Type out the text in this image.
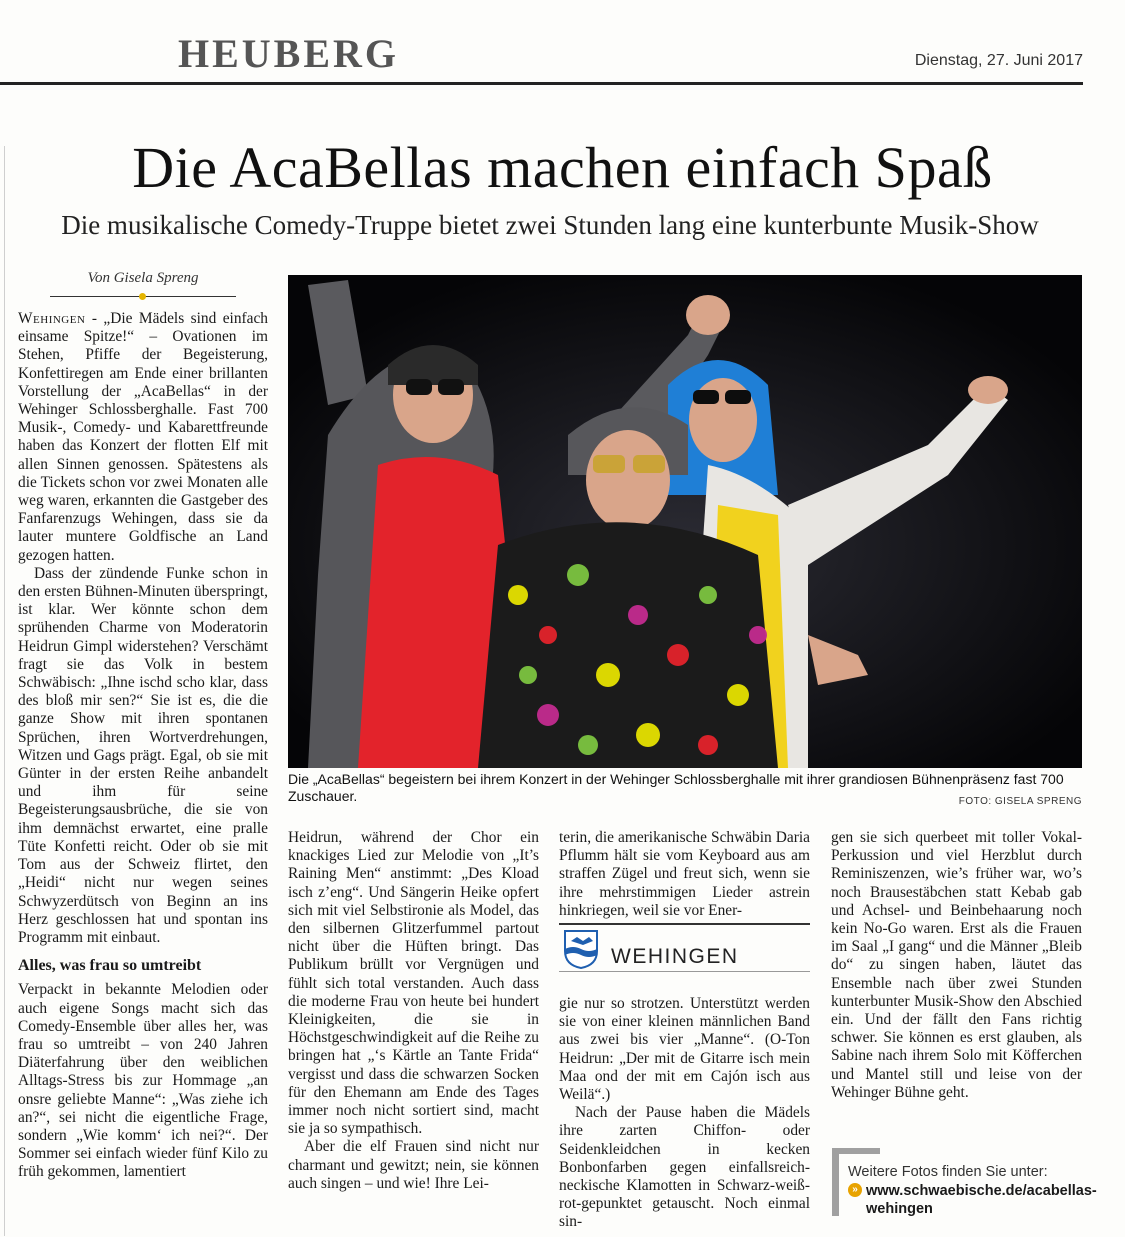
HEUBERG	Dienstag, 27. Juni 2017
Die AcaBellas machen einfach Spaß
Die musikalische Comedy-Truppe bietet zwei Stunden lang eine kunterbunte Musik-Show
Von Gisela Spreng

Wehingen - „Die Mädels sind einfach einsame Spitze!“ – Ovationen im Stehen, Pfiffe der Begeisterung, Konfettiregen am Ende einer brillanten Vorstellung der „AcaBellas“ in der Wehinger Schlossberghalle. Fast 700 Musik-, Comedy- und Kabarettfreunde haben das Konzert der flotten Elf mit allen Sinnen genossen. Spätestens als die Tickets schon vor zwei Monaten alle weg waren, erkannten die Gastgeber des Fanfarenzugs Wehingen, dass sie da lauter muntere Goldfische an Land gezogen hatten.

Dass der zündende Funke schon in den ersten Bühnen-Minuten überspringt, ist klar. Wer könnte schon dem sprühenden Charme von Moderatorin Heidrun Gimpl widerstehen? Verschämt fragt sie das Volk in bestem Schwäbisch: „Ihne ischd scho klar, dass des bloß mir sen?“ Sie ist es, die die ganze Show mit ihren spontanen Sprüchen, ihren Wortverdrehungen, Witzen und Gags prägt. Egal, ob sie mit Günter in der ersten Reihe anbandelt und ihm für seine Begeisterungsausbrüche, die sie von ihm demnächst erwartet, eine pralle Tüte Konfetti reicht. Oder ob sie mit Tom aus der Schweiz flirtet, den „Heidi“ nicht nur wegen seines Schwyzerdütsch von Beginn an ins Herz geschlossen hat und spontan ins Programm mit einbaut.

Alles, was frau so umtreibt

Verpackt in bekannte Melodien oder auch eigene Songs macht sich das Comedy-Ensemble über alles her, was frau so umtreibt – von 240 Jahren Diäterfahrung über den weiblichen Alltags-Stress bis zur Hommage „an onsre geliebte Manne“: „Was ziehe ich an?“, sei nicht die eigentliche Frage, sondern „Wie komm‘ ich nei?“. Der Sommer sei einfach wieder fünf Kilo zu früh gekommen, lamentiert

Die „AcaBellas“ begeistern bei ihrem Konzert in der Wehinger Schlossberghalle mit ihrer grandiosen Bühnenpräsenz fast 700 Zuschauer.	FOTO: GISELA SPRENG

Heidrun, während der Chor ein knackiges Lied zur Melodie von „It’s Raining Men“ anstimmt: „Des Kload isch z’eng“. Und Sängerin Heike opfert sich mit viel Selbstironie als Model, das den silbernen Glitzerfummel partout nicht über die Hüften bringt. Das Publikum brüllt vor Vergnügen und fühlt sich total verstanden. Auch dass die moderne Frau von heute bei hundert Kleinigkeiten, die sie in Höchstgeschwindigkeit auf die Reihe zu bringen hat „‘s Kärtle an Tante Frida“ vergisst und dass die schwarzen Socken für den Ehemann am Ende des Tages immer noch nicht sortiert sind, macht sie ja so sympathisch.

Aber die elf Frauen sind nicht nur charmant und gewitzt; nein, sie können auch singen – und wie! Ihre Lei-

terin, die amerikanische Schwäbin Daria Pflumm hält sie vom Keyboard aus am straffen Zügel und freut sich, wenn sie ihre mehrstimmigen Lieder astrein hinkriegen, weil sie vor Ener-

WEHINGEN

gie nur so strotzen. Unterstützt werden sie von einer kleinen männlichen Band aus zwei bis vier „Manne“. (O-Ton Heidrun: „Der mit de Gitarre isch mein Maa ond der mit em Cajón isch aus Weilä“.)

Nach der Pause haben die Mädels ihre zarten Chiffon- oder Seidenkleidchen in kecken Bonbonfarben gegen einfallsreich-neckische Klamotten in Schwarz-weiß-rot-gepunktet getauscht. Noch einmal sin-

gen sie sich querbeet mit toller Vokal-Perkussion und viel Herzblut durch Reminiszenzen, wie’s früher war, wo’s noch Brausestäbchen statt Kebab gab und Achsel- und Beinbehaarung noch kein No-Go waren. Erst als die Frauen im Saal „I gang“ und die Männer „Bleib do“ zu singen haben, läutet das Ensemble nach über zwei Stunden kunterbunter Musik-Show den Abschied ein. Und der fällt den Fans richtig schwer. Sie können es erst glauben, als Sabine nach ihrem Solo mit Köfferchen und Mantel still und leise von der Wehinger Bühne geht.

Weitere Fotos finden Sie unter:
» www.schwaebische.de/acabellas-wehingen
